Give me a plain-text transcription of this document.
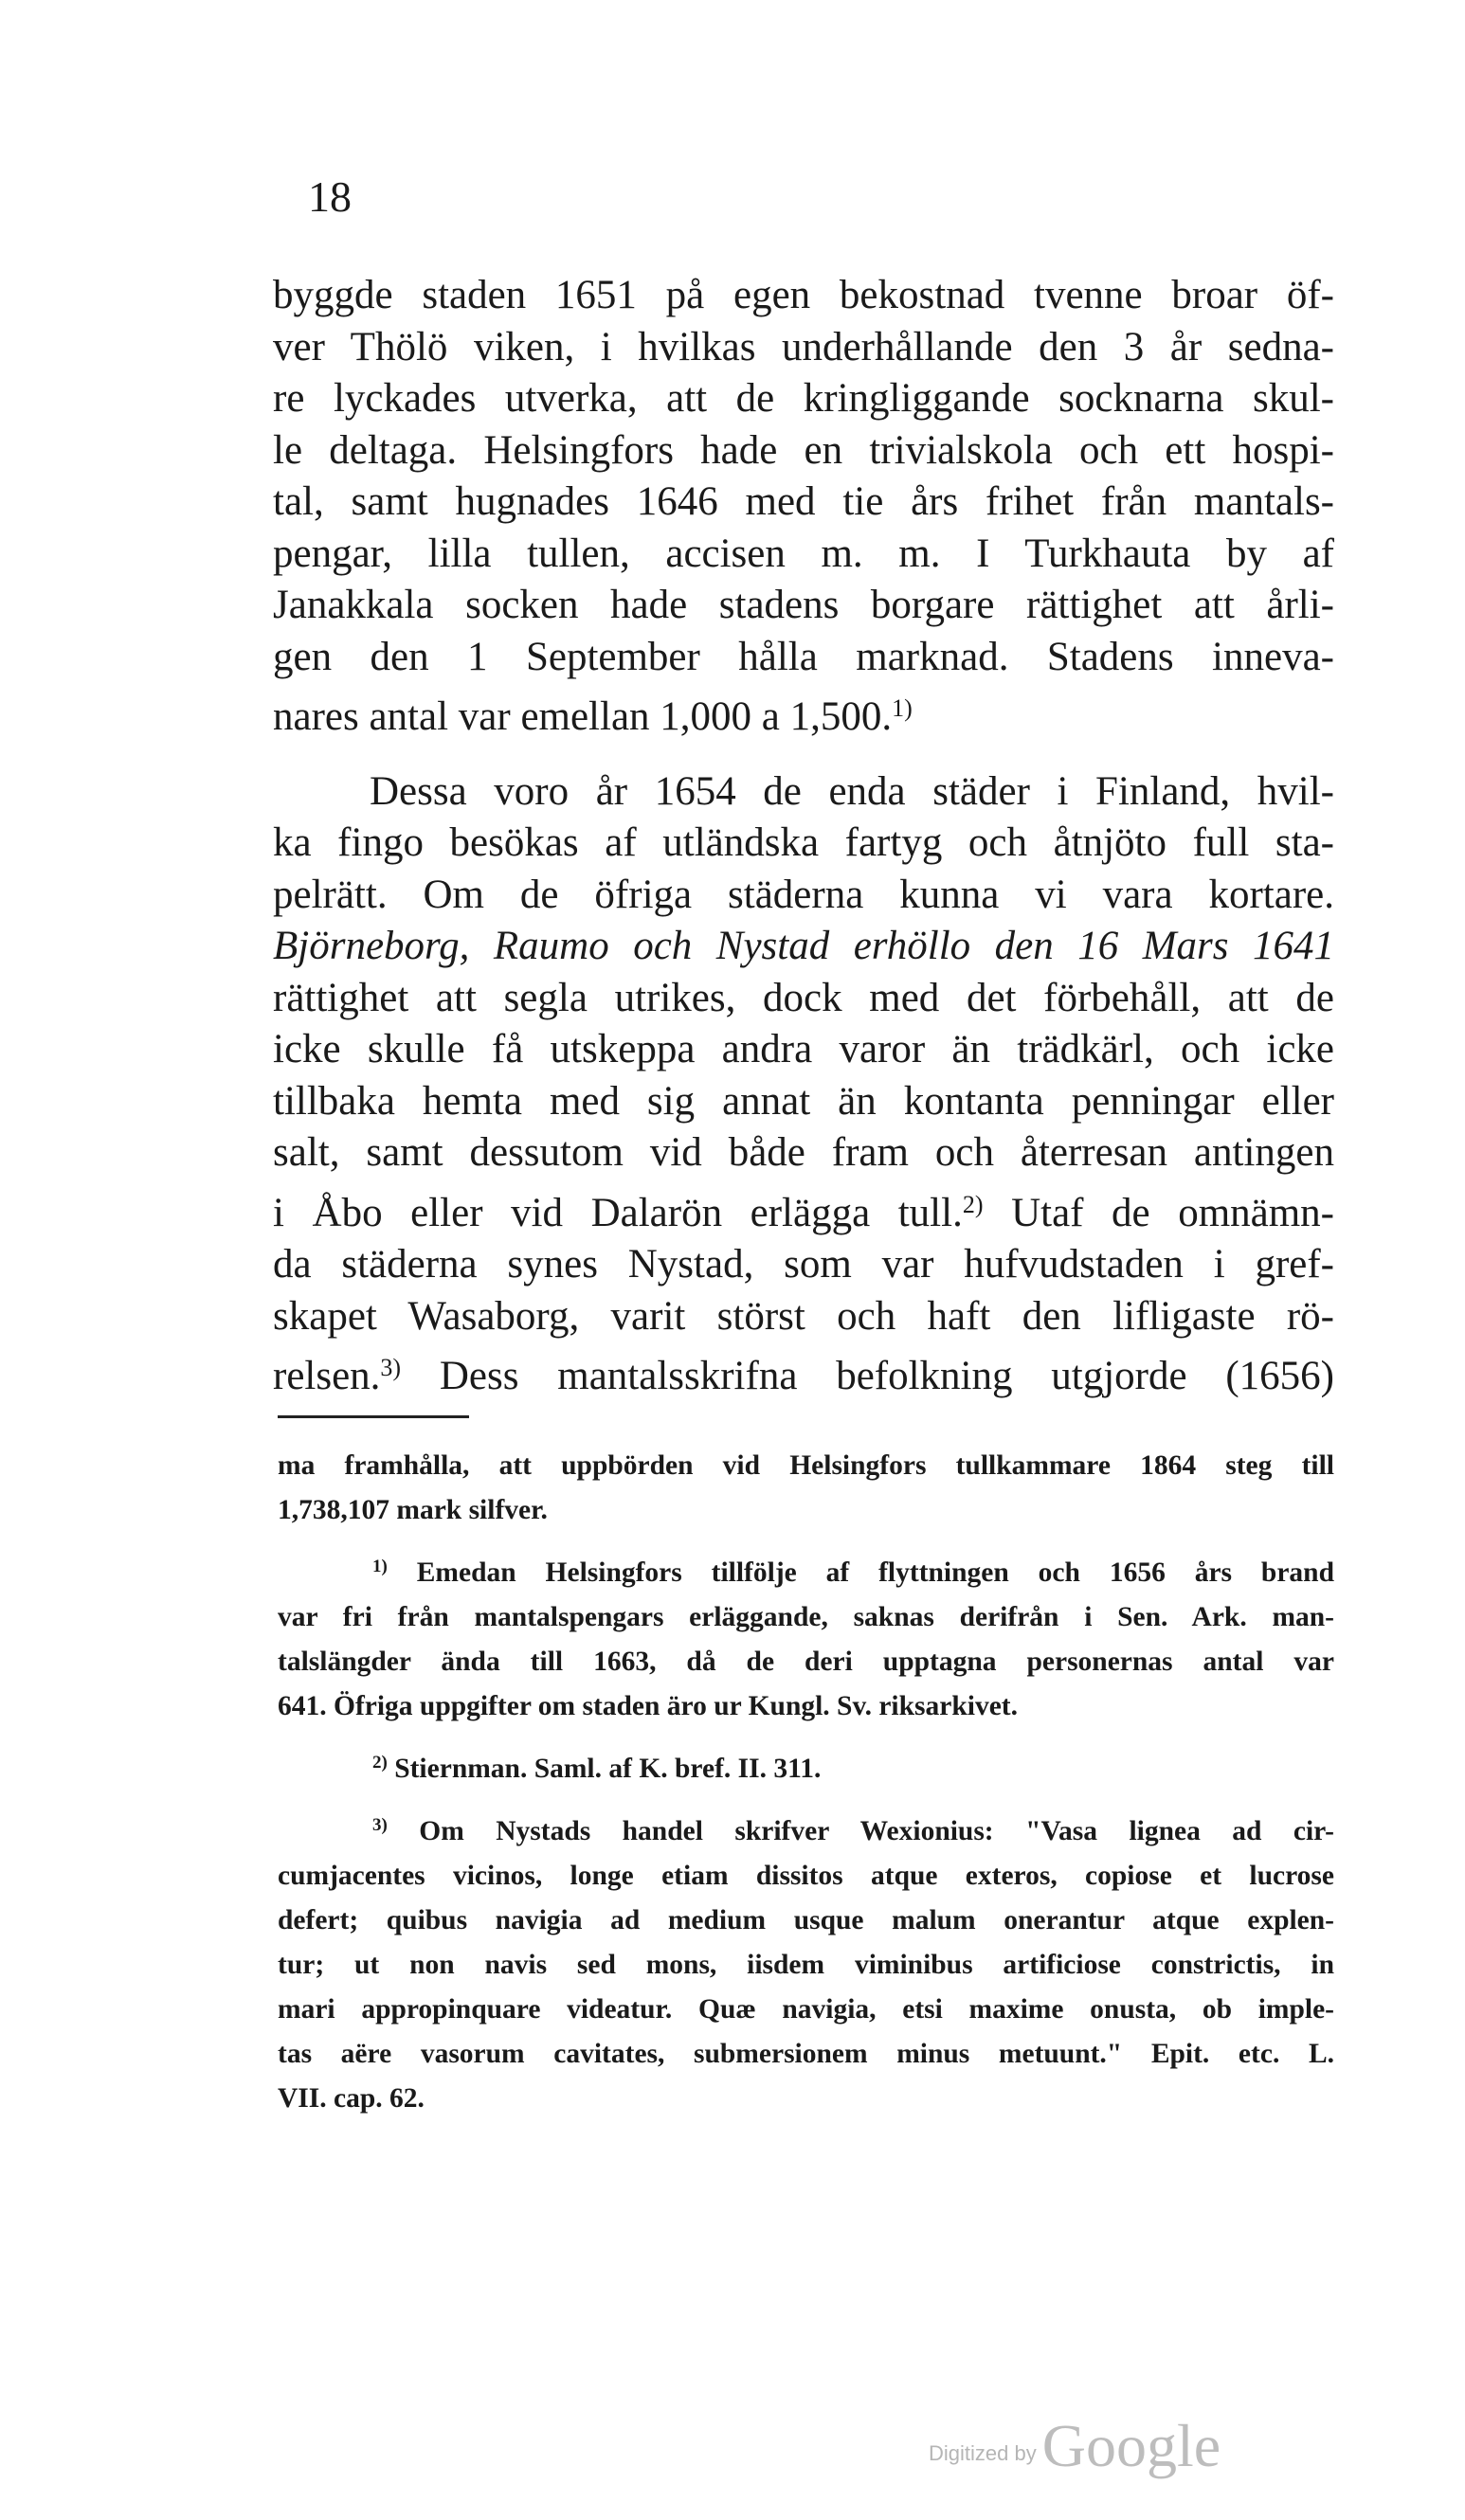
18
byggde staden 1651 på egen bekostnad tvenne broar öf-
ver Thölö viken, i hvilkas underhållande den 3 år sedna-
re lyckades utverka, att de kringliggande socknarna skul-
le deltaga. Helsingfors hade en trivialskola och ett hospi-
tal, samt hugnades 1646 med tie års frihet från mantals-
pengar, lilla tullen, accisen m. m. I Turkhauta by af
Janakkala socken hade stadens borgare rättighet att årli-
gen den 1 September hålla marknad. Stadens inneva-
nares antal var emellan 1,000 a 1,500.$^{1)}$
Dessa voro år 1654 de enda städer i Finland, hvil-
ka fingo besökas af utländska fartyg och åtnjöto full sta-
pelrätt. Om de öfriga städerna kunna vi vara kortare.
Björneborg, Raumo och Nystad erhöllo den 16 Mars 1641
rättighet att segla utrikes, dock med det förbehåll, att de
icke skulle få utskeppa andra varor än trädkärl, och icke
tillbaka hemta med sig annat än kontanta penningar eller
salt, samt dessutom vid både fram och återresan antingen
i Åbo eller vid Dalarön erlägga tull.$^{2)}$ Utaf de omnämn-
da städerna synes Nystad, som var hufvudstaden i gref-
skapet Wasaborg, varit störst och haft den lifligaste rö-
relsen.$^{3)}$ Dess mantalsskrifna befolkning utgjorde (1656)
ma framhålla, att uppbörden vid Helsingfors tullkammare 1864 steg till
1,738,107 mark silfver.
$^{1)}$ Emedan Helsingfors tillfölje af flyttningen och 1656 års brand
var fri från mantalspengars erläggande, saknas derifrån i Sen. Ark. man-
talslängder ända till 1663, då de deri upptagna personernas antal var
641. Öfriga uppgifter om staden äro ur Kungl. Sv. riksarkivet.
$^{2)}$ Stiernman. Saml. af K. bref. II. 311.
$^{3)}$ Om Nystads handel skrifver Wexionius: "Vasa lignea ad cir-
cumjacentes vicinos, longe etiam dissitos atque exteros, copiose et lucrose
defert; quibus navigia ad medium usque malum onerantur atque explen-
tur; ut non navis sed mons, iisdem viminibus artificiose constrictis, in
mari appropinquare videatur. Quæ navigia, etsi maxime onusta, ob imple-
tas aëre vasorum cavitates, submersionem minus metuunt." Epit. etc. L.
VII. cap. 62.
Digitized byGoogle
